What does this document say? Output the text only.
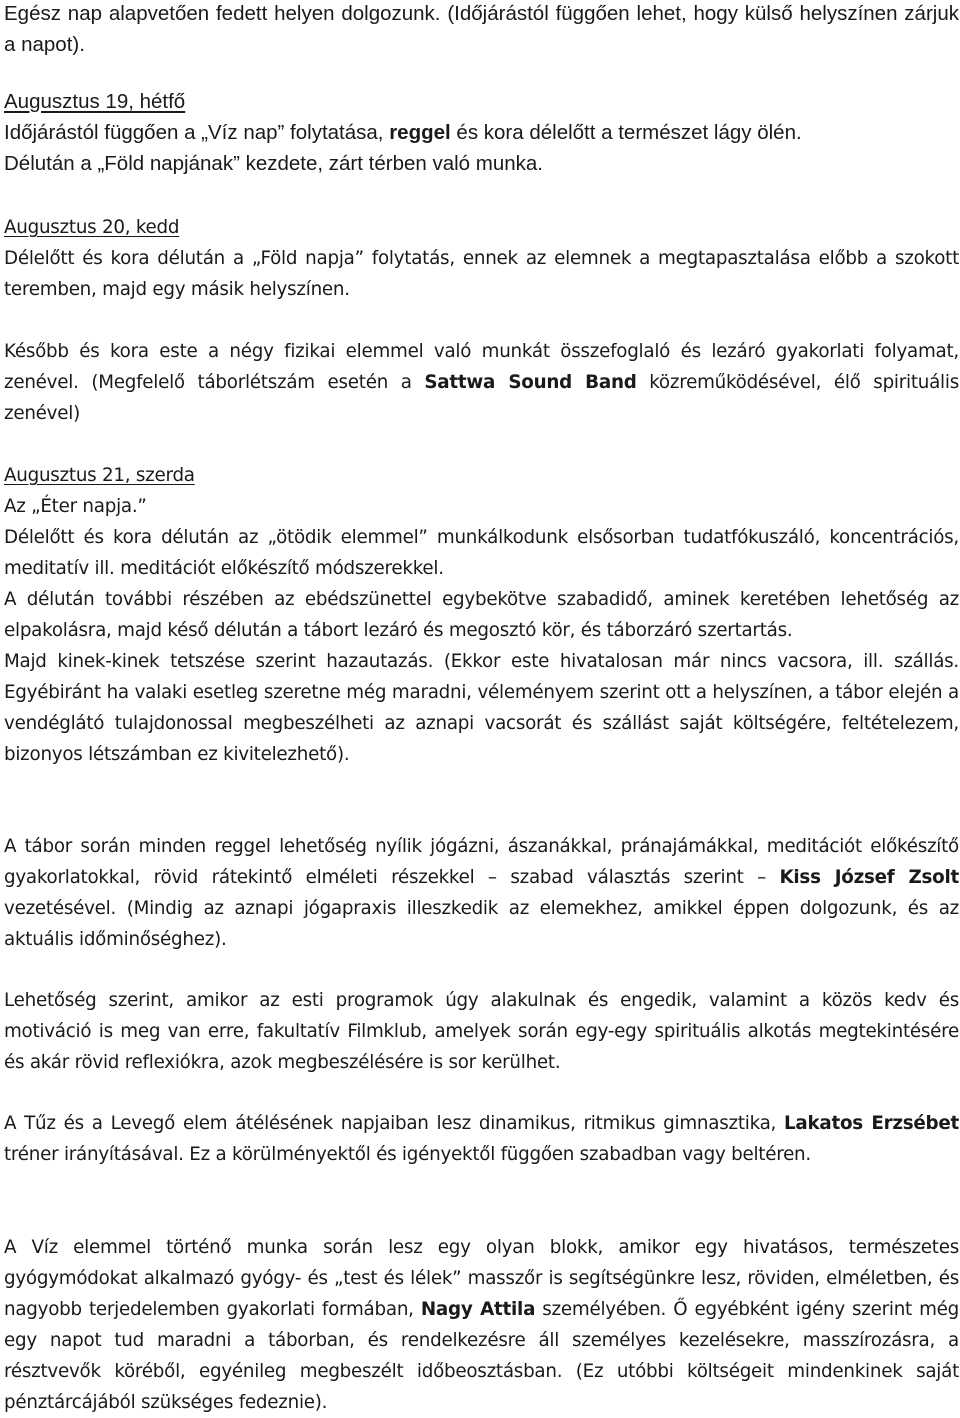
Egész nap alapvetően fedett helyen dolgozunk. (Időjárástól függően lehet, hogy külső helyszínen zárjuk a napot).

Augusztus 19, hétfő
Időjárástól függően a „Víz nap” folytatása, reggel és kora délelőtt a természet lágy ölén.
Délután a „Föld napjának” kezdete, zárt térben való munka.
Augusztus 20, kedd
Délelőtt és kora délután a „Föld napja” folytatás, ennek az elemnek a megtapasztalása előbb a szokott teremben, majd egy másik helyszínen.

Később és kora este a négy fizikai elemmel való munkát összefoglaló és lezáró gyakorlati folyamat, zenével. (Megfelelő táborlétszám esetén a Sattwa Sound Band közreműködésével, élő spirituális zenével)

Augusztus 21, szerda
Az „Éter napja.”
Délelőtt és kora délután az „ötödik elemmel” munkálkodunk elsősorban tudatfókuszáló, koncentrációs, meditatív ill. meditációt előkészítő módszerekkel.
A délután további részében az ebédszünettel egybekötve szabadidő, aminek keretében lehetőség az elpakolásra, majd késő délután a tábort lezáró és megosztó kör, és táborzáró szertartás.
Majd kinek-kinek tetszése szerint hazautazás. (Ekkor este hivatalosan már nincs vacsora, ill. szállás. Egyébiránt ha valaki esetleg szeretne még maradni, véleményem szerint ott a helyszínen, a tábor elején a vendéglátó tulajdonossal megbeszélheti az aznapi vacsorát és szállást saját költségére, feltételezem, bizonyos létszámban ez kivitelezhető).

A tábor során minden reggel lehetőség nyílik jógázni, ászanákkal, pránajámákkal, meditációt előkészítő gyakorlatokkal, rövid rátekintő elméleti részekkel – szabad választás szerint – Kiss József Zsolt vezetésével. (Mindig az aznapi jógapraxis illeszkedik az elemekhez, amikkel éppen dolgozunk, és az aktuális időminőséghez).

Lehetőség szerint, amikor az esti programok úgy alakulnak és engedik, valamint a közös kedv és motiváció is meg van erre, fakultatív Filmklub, amelyek során egy-egy spirituális alkotás megtekintésére és akár rövid reflexiókra, azok megbeszélésére is sor kerülhet.

A Tűz és a Levegő elem átélésének napjaiban lesz dinamikus, ritmikus gimnasztika, Lakatos Erzsébet tréner irányításával. Ez a körülményektől és igényektől függően szabadban vagy beltéren.

A Víz elemmel történő munka során lesz egy olyan blokk, amikor egy hivatásos, természetes gyógymódokat alkalmazó gyógy- és „test és lélek” masszőr is segítségünkre lesz, röviden, elméletben, és nagyobb terjedelemben gyakorlati formában, Nagy Attila személyében. Ő egyébként igény szerint még egy napot tud maradni a táborban, és rendelkezésre áll személyes kezelésekre, masszírozásra, a résztvevők köréből, egyénileg megbeszélt időbeosztásban. (Ez utóbbi költségeit mindenkinek saját pénztárcájából szükséges fedeznie).
